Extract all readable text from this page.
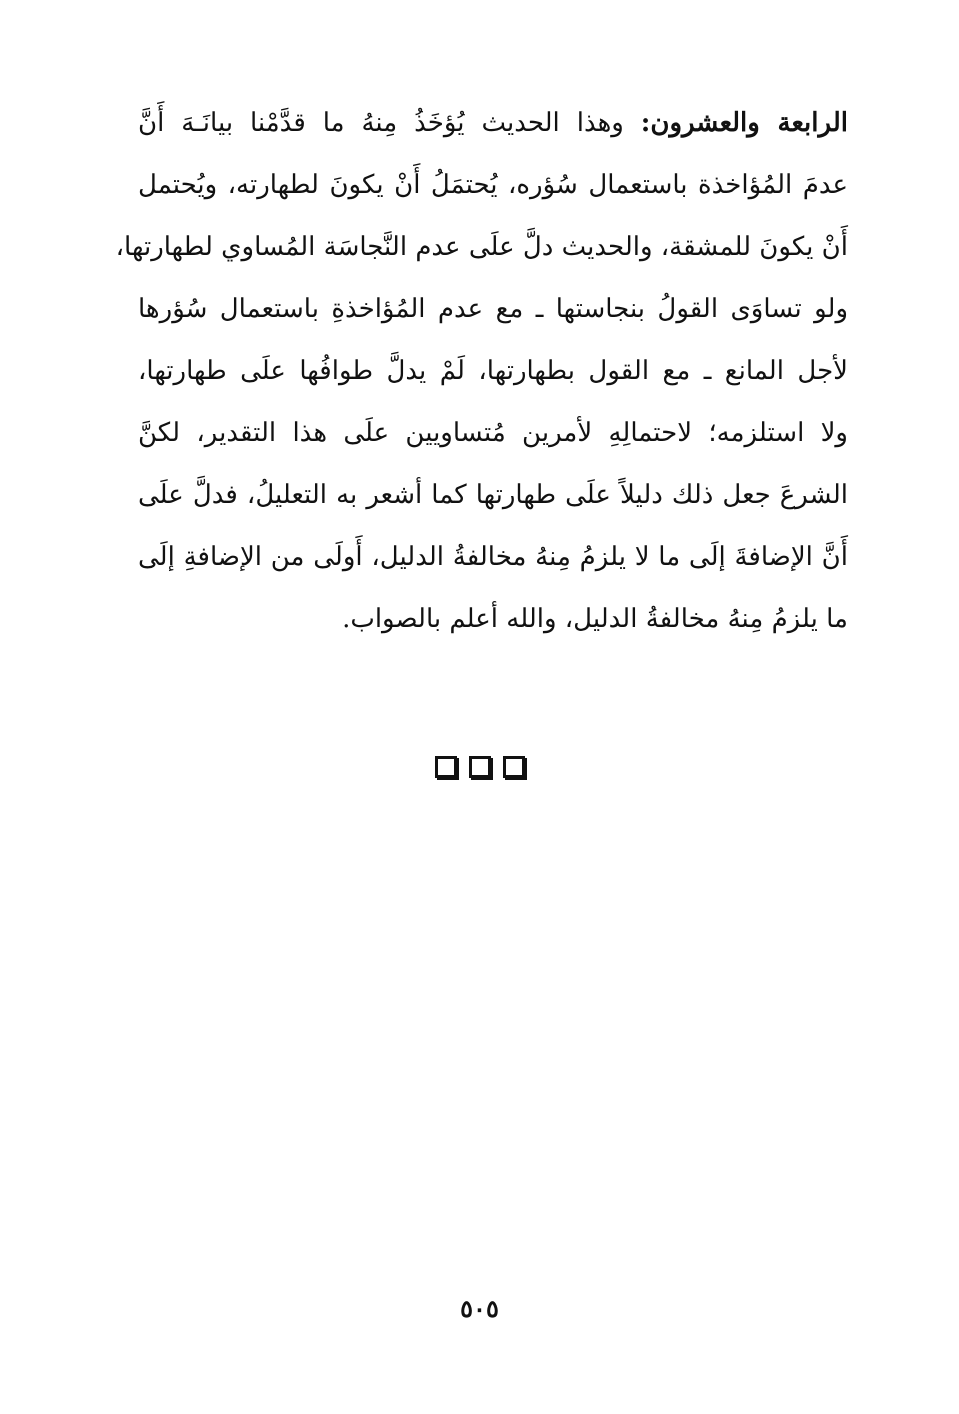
الرابعة والعشرون: وهذا الحديث يُؤخَذُ مِنهُ ما قدَّمْنا بيانَـهَ أَنَّ
عدمَ المُؤاخذة باستعمال سُؤره، يُحتمَلُ أَنْ يكونَ لطهارته، ويُحتمل
أَنْ يكونَ للمشقة، والحديث دلَّ علَى عدم النَّجاسَة المُساوي لطهارتها،
ولو تساوَى القولُ بنجاستها ـ مع عدم المُؤاخذةِ باستعمال سُؤرها
لأجل المانع ـ مع القول بطهارتها، لَمْ يدلَّ طوافُها علَى طهارتها،
ولا استلزمه؛ لاحتمالِهِ لأمرين مُتساويين علَى هذا التقدير، لكنَّ
الشرعَ جعل ذلك دليلاً علَى طهارتها كما أشعر به التعليلُ، فدلَّ علَى
أَنَّ الإضافةَ إلَى ما لا يلزمُ مِنهُ مخالفةُ الدليل، أَولَى من الإضافةِ إلَى
ما يلزمُ مِنهُ مخالفةُ الدليل، والله أعلم بالصواب.
٥٠٥
